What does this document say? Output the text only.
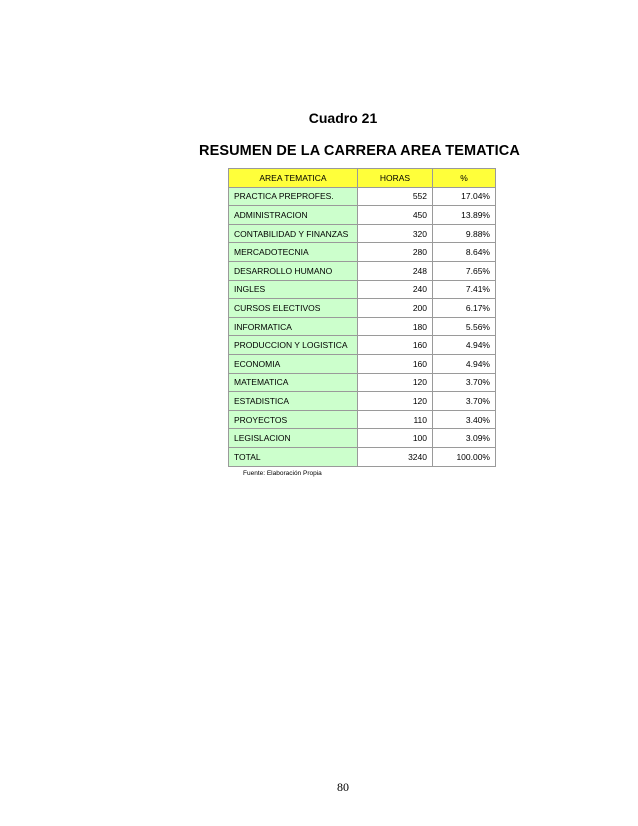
Cuadro 21
RESUMEN DE LA CARRERA AREA TEMATICA
AREA TEMATICA	HORAS	%
PRACTICA PREPROFES.	552	17.04%
ADMINISTRACION	450	13.89%
CONTABILIDAD Y FINANZAS	320	9.88%
MERCADOTECNIA	280	8.64%
DESARROLLO HUMANO	248	7.65%
INGLES	240	7.41%
CURSOS ELECTIVOS	200	6.17%
INFORMATICA	180	5.56%
PRODUCCION Y LOGISTICA	160	4.94%
ECONOMIA	160	4.94%
MATEMATICA	120	3.70%
ESTADISTICA	120	3.70%
PROYECTOS	110	3.40%
LEGISLACION	100	3.09%
TOTAL	3240	100.00%
Fuente: Elaboración Propia
80
